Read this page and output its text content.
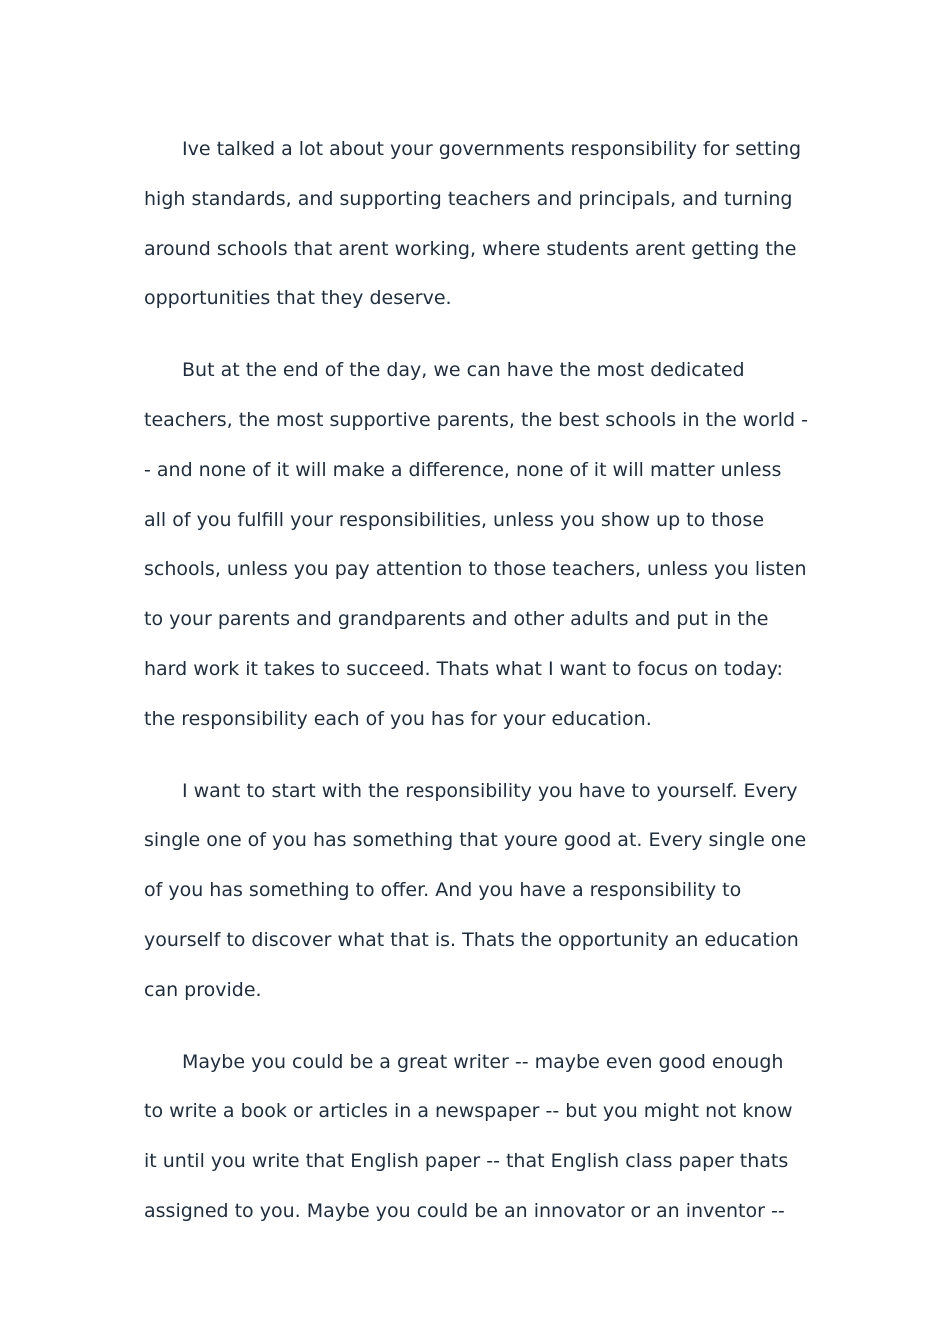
Ive talked a lot about your governments responsibility for setting high standards, and supporting teachers and principals, and turning around schools that arent working, where students arent getting the opportunities that they deserve.

But at the end of the day, we can have the most dedicated teachers, the most supportive parents, the best schools in the world -- and none of it will make a difference, none of it will matter unless all of you fulfill your responsibilities, unless you show up to those schools, unless you pay attention to those teachers, unless you listen to your parents and grandparents and other adults and put in the hard work it takes to succeed. Thats what I want to focus on today: the responsibility each of you has for your education.

I want to start with the responsibility you have to yourself. Every single one of you has something that youre good at. Every single one of you has something to offer. And you have a responsibility to yourself to discover what that is. Thats the opportunity an education can provide.

Maybe you could be a great writer -- maybe even good enough to write a book or articles in a newspaper -- but you might not know it until you write that English paper -- that English class paper thats assigned to you. Maybe you could be an innovator or an inventor --
